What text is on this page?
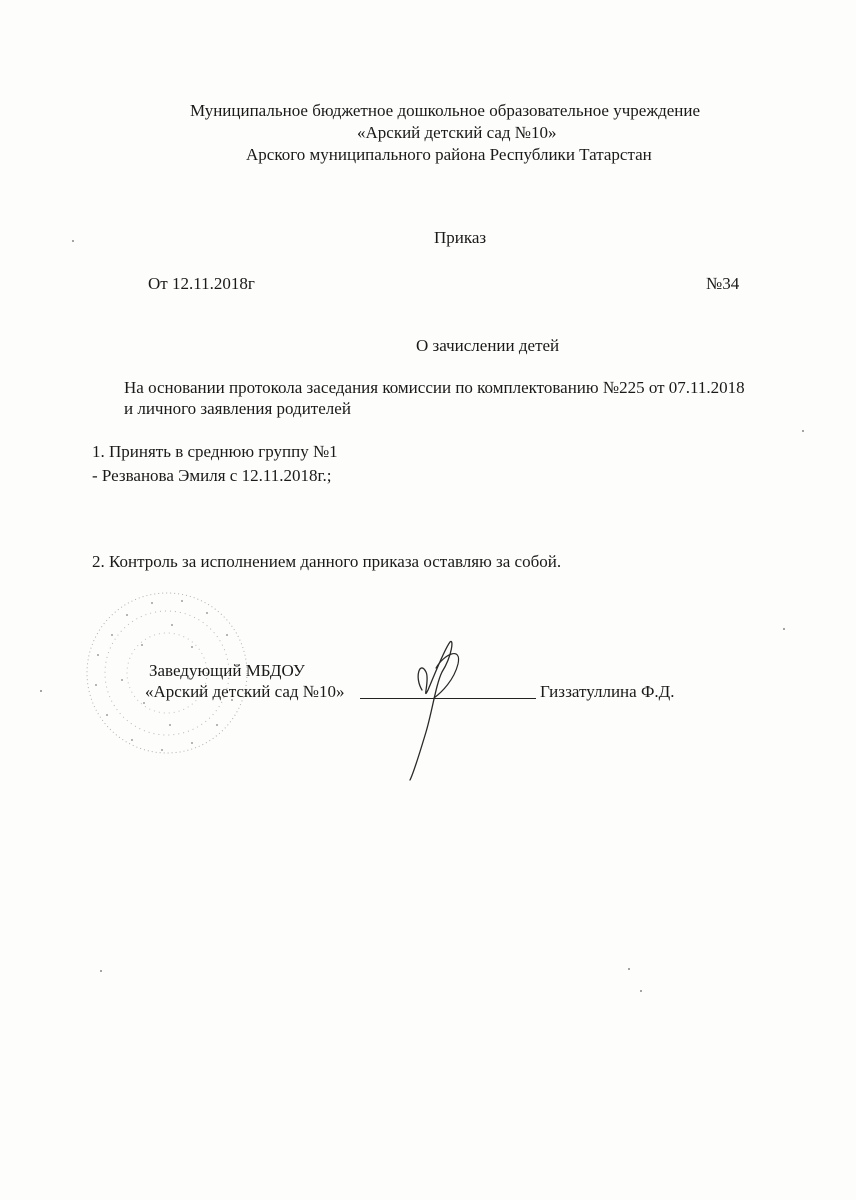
Муниципальное бюджетное дошкольное образовательное учреждение
«Арский детский сад №10»
Арского муниципального района Республики Татарстан
Приказ
От 12.11.2018г	№34
О зачислении детей
На основании протокола заседания комиссии по комплектованию №225 от 07.11.2018
и личного заявления родителей
1. Принять в среднюю группу №1
- Резванова Эмиля с 12.11.2018г.;
2. Контроль за исполнением данного приказа оставляю за собой.
Заведующий МБДОУ
«Арский детский сад №10»	Гиззатуллина Ф.Д.
